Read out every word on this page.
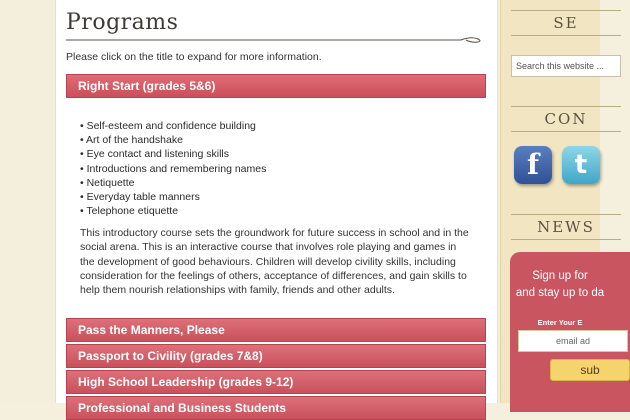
Programs
Please click on the title to expand for more information.
Right Start (grades 5&6)
• Self-esteem and confidence building
• Art of the handshake
• Eye contact and listening skills
• Introductions and remembering names
• Netiquette
• Everyday table manners
• Telephone etiquette

This introductory course sets the groundwork for future success in school and in the social arena. This is an interactive course that involves role playing and games in the development of good behaviours. Children will develop civility skills, including consideration for the feelings of others, acceptance of differences, and gain skills to help them nourish relationships with family, friends and other adults.

Pass the Manners, Please
Passport to Civility (grades 7&8)
High School Leadership (grades 9-12)
Professional and Business Students
SE
Search this website ...
CON
f	t
NEWS
Sign up for
and stay up to da
Enter Your E
email ad
sub
